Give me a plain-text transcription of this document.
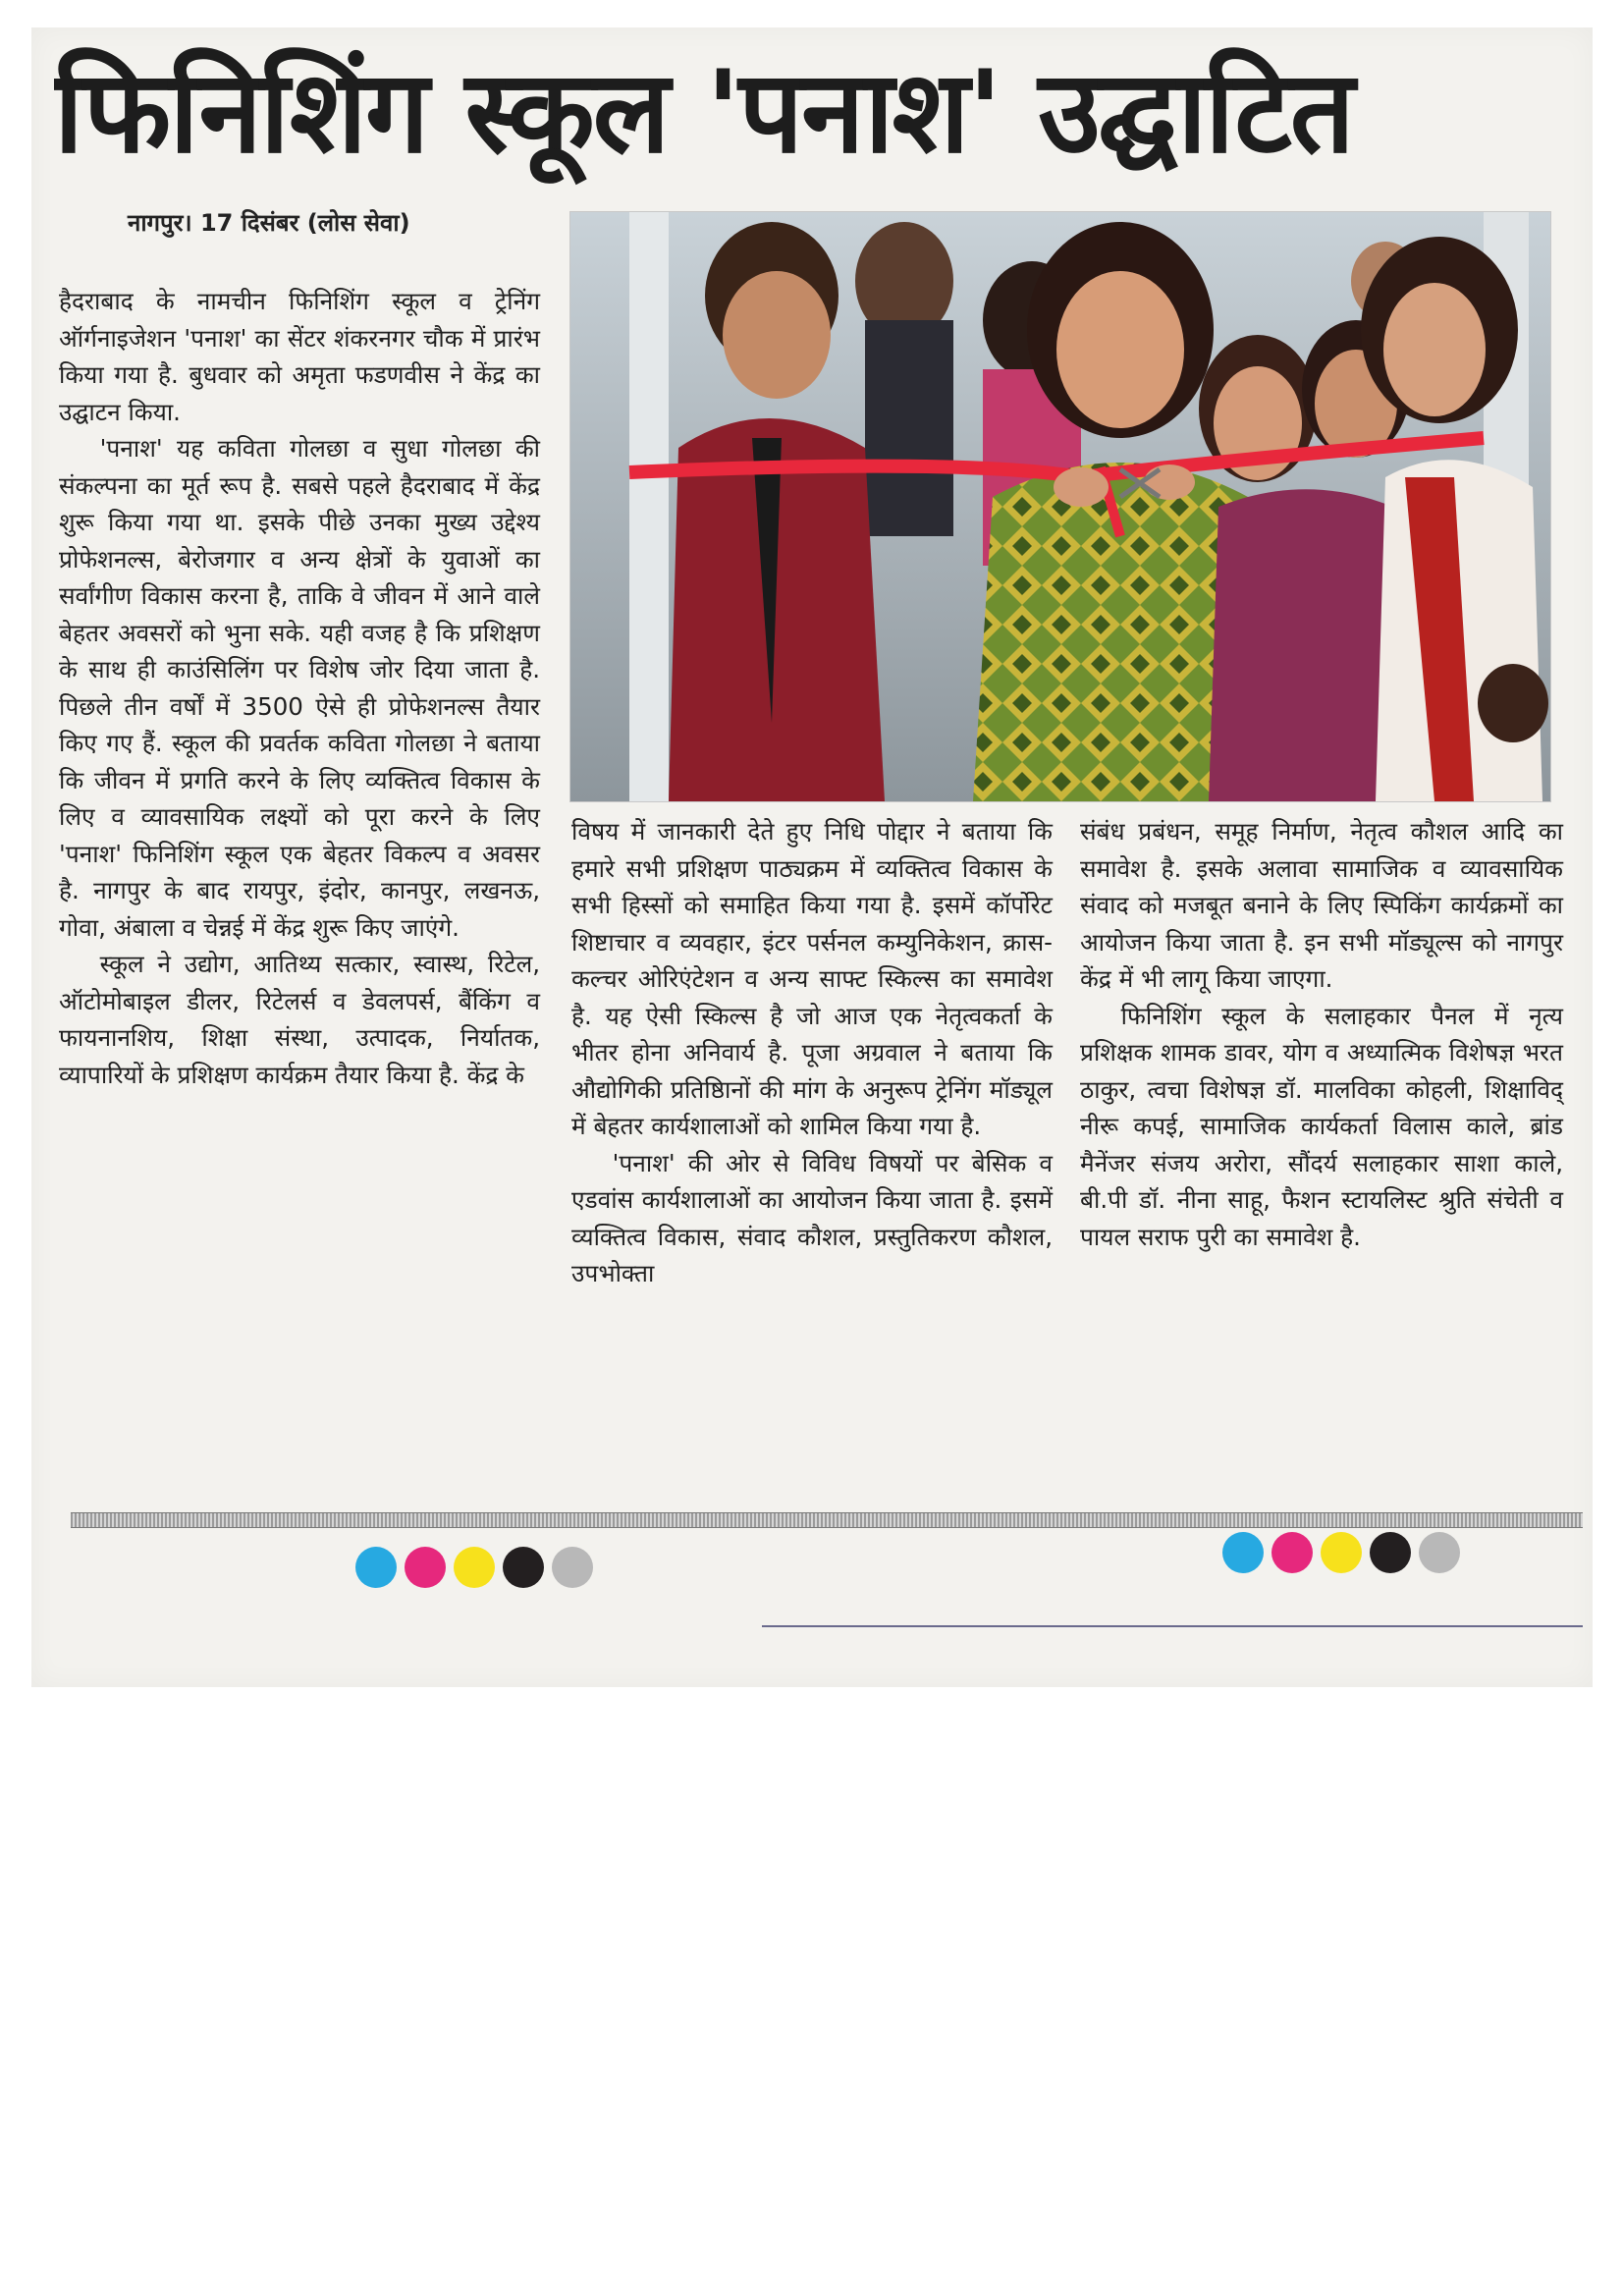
फिनिशिंग स्कूल 'पनाश' उद्घाटित
नागपुर। 17 दिसंबर (लोस सेवा)

हैदराबाद के नामचीन फिनिशिंग स्कूल व ट्रेनिंग ऑर्गनाइजेशन 'पनाश' का सेंटर शंकरनगर चौक में प्रारंभ किया गया है. बुधवार को अमृता फडणवीस ने केंद्र का उद्घाटन किया.

'पनाश' यह कविता गोलछा व सुधा गोलछा की संकल्पना का मूर्त रूप है. सबसे पहले हैदराबाद में केंद्र शुरू किया गया था. इसके पीछे उनका मुख्य उद्देश्य प्रोफेशनल्स, बेरोजगार व अन्य क्षेत्रों के युवाओं का सर्वांगीण विकास करना है, ताकि वे जीवन में आने वाले बेहतर अवसरों को भुना सके. यही वजह है कि प्रशिक्षण के साथ ही काउंसिलिंग पर विशेष जोर दिया जाता है. पिछले तीन वर्षों में 3500 ऐसे ही प्रोफेशनल्स तैयार किए गए हैं. स्कूल की प्रवर्तक कविता गोलछा ने बताया कि जीवन में प्रगति करने के लिए व्यक्तित्व विकास के लिए व व्यावसायिक लक्ष्यों को पूरा करने के लिए 'पनाश' फिनिशिंग स्कूल एक बेहतर विकल्प व अवसर है. नागपुर के बाद रायपुर, इंदोर, कानपुर, लखनऊ, गोवा, अंबाला व चेन्नई में केंद्र शुरू किए जाएंगे.

स्कूल ने उद्योग, आतिथ्य सत्कार, स्वास्थ, रिटेल, ऑटोमोबाइल डीलर, रिटेलर्स व डेवलपर्स, बैंकिंग व फायनानशिय, शिक्षा संस्था, उत्पादक, निर्यातक, व्यापारियों के प्रशिक्षण कार्यक्रम तैयार किया है. केंद्र के

विषय में जानकारी देते हुए निधि पोद्दार ने बताया कि हमारे सभी प्रशिक्षण पाठ्यक्रम में व्यक्तित्व विकास के सभी हिस्सों को समाहित किया गया है. इसमें कॉर्पोरेट शिष्टाचार व व्यवहार, इंटर पर्सनल कम्युनिकेशन, क्रास-कल्चर ओरिएंटेशन व अन्य साफ्ट स्किल्स का समावेश है. यह ऐसी स्किल्स है जो आज एक नेतृत्वकर्ता के भीतर होना अनिवार्य है. पूजा अग्रवाल ने बताया कि औद्योगिकी प्रतिष्ठिानों की मांग के अनुरूप ट्रेनिंग मॉड्यूल में बेहतर कार्यशालाओं को शामिल किया गया है.

'पनाश' की ओर से विविध विषयों पर बेसिक व एडवांस कार्यशालाओं का आयोजन किया जाता है. इसमें व्यक्तित्व विकास, संवाद कौशल, प्रस्तुतिकरण कौशल, उपभोक्ता

संबंध प्रबंधन, समूह निर्माण, नेतृत्व कौशल आदि का समावेश है. इसके अलावा सामाजिक व व्यावसायिक संवाद को मजबूत बनाने के लिए स्पिकिंग कार्यक्रमों का आयोजन किया जाता है. इन सभी मॉड्यूल्स को नागपुर केंद्र में भी लागू किया जाएगा.

फिनिशिंग स्कूल के सलाहकार पैनल में नृत्य प्रशिक्षक शामक डावर, योग व अध्यात्मिक विशेषज्ञ भरत ठाकुर, त्वचा विशेषज्ञ डॉ. मालविका कोहली, शिक्षाविद् नीरू कपई, सामाजिक कार्यकर्ता विलास काले, ब्रांड मैनेंजर संजय अरोरा, सौंदर्य सलाहकार साशा काले, बी.पी डॉ. नीना साहू, फैशन स्टायलिस्ट श्रुति संचेती व पायल सराफ पुरी का समावेश है.
